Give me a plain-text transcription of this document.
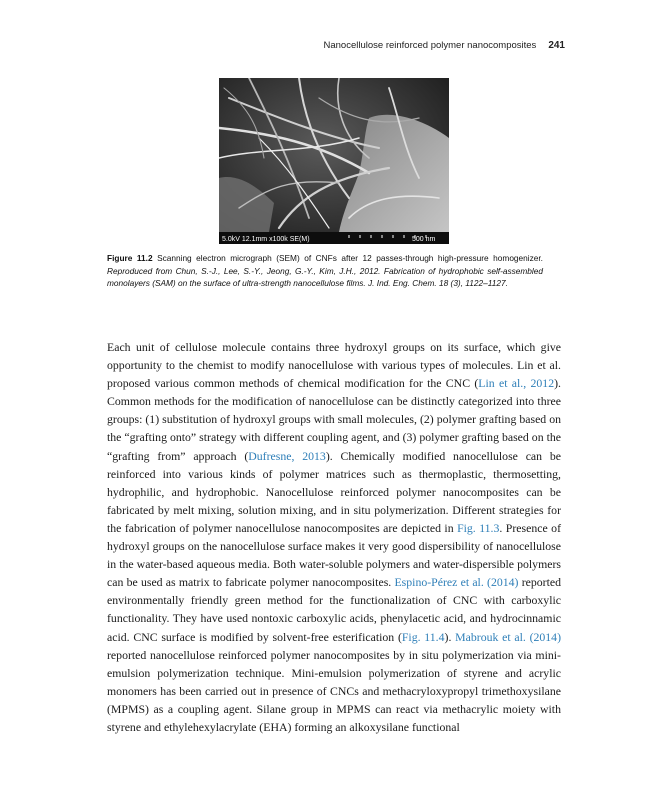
Nanocellulose reinforced polymer nanocomposites 241
5.0kV 12.1mm x100k SE(M)	500 nm
Figure 11.2 Scanning electron micrograph (SEM) of CNFs after 12 passes-through high-pressure homogenizer. Reproduced from Chun, S.-J., Lee, S.-Y., Jeong, G.-Y., Kim, J.H., 2012. Fabrication of hydrophobic self-assembled monolayers (SAM) on the surface of ultra-strength nanocellulose films. J. Ind. Eng. Chem. 18 (3), 1122–1127.

Each unit of cellulose molecule contains three hydroxyl groups on its surface, which give opportunity to the chemist to modify nanocellulose with various types of molecules. Lin et al. proposed various common methods of chemical modification for the CNC (Lin et al., 2012). Common methods for the modification of nanocellulose can be distinctly categorized into three groups: (1) substitution of hydroxyl groups with small molecules, (2) polymer grafting based on the “grafting onto” strategy with different coupling agent, and (3) polymer grafting based on the “grafting from” approach (Dufresne, 2013). Chemically modified nanocellulose can be reinforced into various kinds of polymer matrices such as thermoplastic, thermosetting, hydrophilic, and hydrophobic. Nanocellulose reinforced polymer nanocomposites can be fabricated by melt mixing, solution mixing, and in situ polymerization. Different strategies for the fabrication of polymer nanocellulose nanocomposites are depicted in Fig. 11.3. Presence of hydroxyl groups on the nanocellulose surface makes it very good dispersibility of nanocellulose in the water-based aqueous media. Both water-soluble polymers and water-dispersible polymers can be used as matrix to fabricate polymer nanocomposites. Espino-Pérez et al. (2014) reported environmentally friendly green method for the functionalization of CNC with carboxylic functionality. They have used nontoxic carboxylic acids, phenylacetic acid, and hydrocinnamic acid. CNC surface is modified by solvent-free esterification (Fig. 11.4). Mabrouk et al. (2014) reported nanocellulose reinforced polymer nanocomposites by in situ polymerization via mini-emulsion polymerization technique. Mini-emulsion polymerization of styrene and acrylic monomers has been carried out in presence of CNCs and methacryloxypropyl trimethoxysilane (MPMS) as a coupling agent. Silane group in MPMS can react via methacrylic moiety with styrene and ethylehexylacrylate (EHA) forming an alkoxysilane functional
